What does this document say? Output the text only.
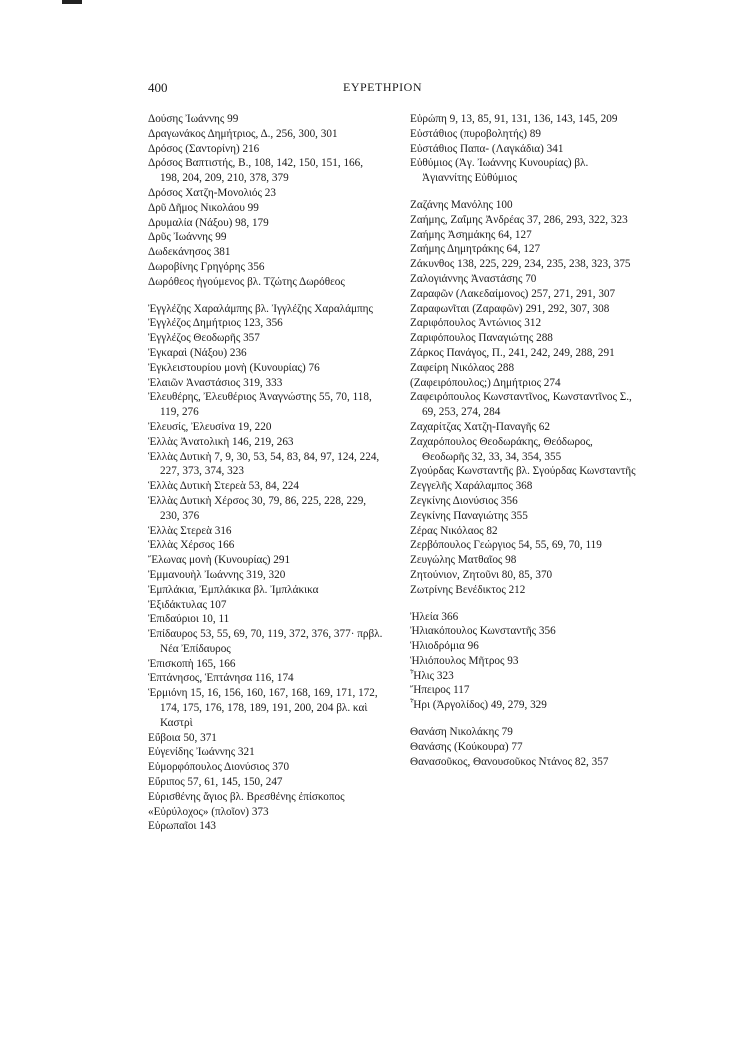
400	ΕΥΡΕΤΗΡΙΟΝ
Δούσης Ἰωάννης 99
Δραγωνάκος Δημήτριος, Δ., 256, 300, 301
Δρόσος (Σαντορίνη) 216
Δρόσος Βαπτιστής, Β., 108, 142, 150, 151, 166, 198, 204, 209, 210, 378, 379
Δρόσος Χατζη-Μονολιός 23
Δρῦ Δῆμος Νικολάου 99
Δρυμαλία (Νάξου) 98, 179
Δρῦς Ἰωάννης 99
Δωδεκάνησος 381
Δωροβίνης Γρηγόρης 356
Δωρόθεος ἡγούμενος βλ. Τζώτης Δωρόθεος
Ἐγγλέζης Χαραλάμπης βλ. Ἰγγλέζης Χαραλάμπης
Ἐγγλέζος Δημήτριος 123, 356
Ἐγγλέζος Θεοδωρῆς 357
Ἐγκαραὶ (Νάξου) 236
Ἐγκλειστουρίου μονὴ (Κυνουρίας) 76
Ἐλαιῶν Ἀναστάσιος 319, 333
Ἐλευθέρης, Ἐλευθέριος Ἀναγνώστης 55, 70, 118, 119, 276
Ἐλευσίς, Ἐλευσίνα 19, 220
Ἑλλὰς Ἀνατολικὴ 146, 219, 263
Ἑλλὰς Δυτικὴ 7, 9, 30, 53, 54, 83, 84, 97, 124, 224, 227, 373, 374, 323
Ἑλλὰς Δυτικὴ Στερεὰ 53, 84, 224
Ἑλλὰς Δυτικὴ Χέρσος 30, 79, 86, 225, 228, 229, 230, 376
Ἑλλὰς Στερεὰ 316
Ἑλλὰς Χέρσος 166
Ἔλωνας μονὴ (Κυνουρίας) 291
Ἐμμανουὴλ Ἰωάννης 319, 320
Ἐμπλάκια, Ἐμπλάκικα βλ. Ἰμπλάκικα
Ἐξιδάκτυλας 107
Ἐπιδαύριοι 10, 11
Ἐπίδαυρος 53, 55, 69, 70, 119, 372, 376, 377· πρβλ. Νέα Ἐπίδαυρος
Ἐπισκοπὴ 165, 166
Ἑπτάνησος, Ἑπτάνησα 116, 174
Ἑρμιόνη 15, 16, 156, 160, 167, 168, 169, 171, 172, 174, 175, 176, 178, 189, 191, 200, 204 βλ. καὶ Καστρὶ
Εὔβοια 50, 371
Εὐγενίδης Ἰωάννης 321
Εὐμορφόπουλος Διονύσιος 370
Εὔριπος 57, 61, 145, 150, 247
Εὐρισθένης ἅγιος βλ. Βρεσθένης ἐπίσκοπος
«Εὐρύλοχος» (πλοῖον) 373
Εὐρωπαῖοι 143
Εὐρώπη 9, 13, 85, 91, 131, 136, 143, 145, 209
Εὐστάθιος (πυροβολητής) 89
Εὐστάθιος Παπα- (Λαγκάδια) 341
Εὐθύμιος (Ἀγ. Ἰωάννης Κυνουρίας) βλ. Ἀγιαννίτης Εὐθύμιος
Ζαζάνης Μανόλης 100
Ζαήμης, Ζαΐμης Ἀνδρέας 37, 286, 293, 322, 323
Ζαήμης Ἀσημάκης 64, 127
Ζαήμης Δημητράκης 64, 127
Ζάκυνθος 138, 225, 229, 234, 235, 238, 323, 375
Ζαλογιάννης Ἀναστάσης 70
Ζαραφῶν (Λακεδαίμονος) 257, 271, 291, 307
Ζαραφωνῖται (Ζαραφῶν) 291, 292, 307, 308
Ζαριφόπουλος Ἀντώνιος 312
Ζαριφόπουλος Παναγιώτης 288
Ζάρκος Πανάγος, Π., 241, 242, 249, 288, 291
Ζαφείρη Νικόλαος 288
(Ζαφειρόπουλος;) Δημήτριος 274
Ζαφειρόπουλος Κωνσταντῖνος, Κωνσταντῖνος Σ., 69, 253, 274, 284
Ζαχαρίτζας Χατζη-Παναγῆς 62
Ζαχαρόπουλος Θεοδωράκης, Θεόδωρος, Θεοδωρῆς 32, 33, 34, 354, 355
Ζγούρδας Κωνσταντῆς βλ. Σγούρδας Κωνσταντῆς
Ζεγγελῆς Χαράλαμπος 368
Ζεγκίνης Διονύσιος 356
Ζεγκίνης Παναγιώτης 355
Ζέρας Νικόλαος 82
Ζερβόπουλος Γεώργιος 54, 55, 69, 70, 119
Ζευγώλης Ματθαῖος 98
Ζητούνιον, Ζητοῦνι 80, 85, 370
Ζωτρίνης Βενέδικτος 212
Ἠλεία 366
Ἠλιακόπουλος Κωνσταντῆς 356
Ἡλιοδρόμια 96
Ἡλιόπουλος Μῆτρος 93
Ἦλις 323
Ἤπειρος 117
Ἧρι (Ἀργολίδος) 49, 279, 329
Θανάση Νικολάκης 79
Θανάσης (Κούκουρα) 77
Θανασοῦκος, Θανουσοῦκος Ντάνος 82, 357
